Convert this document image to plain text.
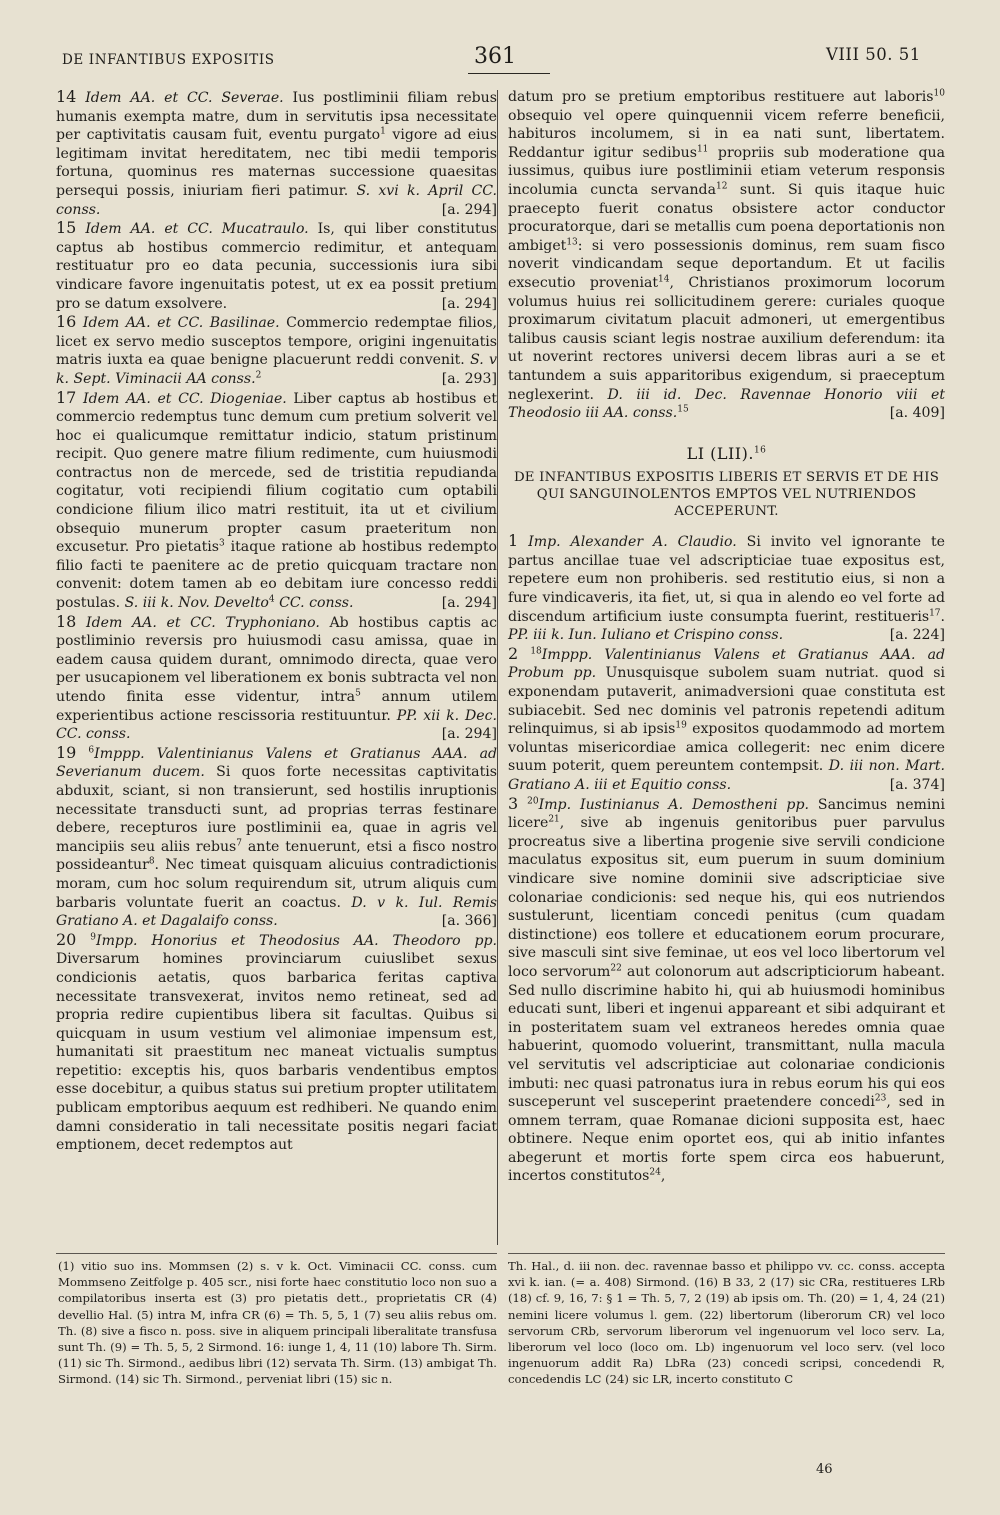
DE INFANTIBUS EXPOSITIS	361	VIII 50. 51

14 Idem AA. et CC. Severae. Ius postliminii filiam rebus humanis exempta matre, dum in servitutis ipsa necessitate per captivitatis causam fuit, eventu purgato$^1$ vigore ad eius legitimam invitat hereditatem, nec tibi medii temporis fortuna, quominus res maternas successione quaesitas persequi possis, iniuriam fieri patimur. S. xvi k. April CC. conss.	[a. 294]

15 Idem AA. et CC. Mucatraulo. Is, qui liber constitutus captus ab hostibus commercio redimitur, et antequam restituatur pro eo data pecunia, successionis iura sibi vindicare favore ingenuitatis potest, ut ex ea possit pretium pro se datum exsolvere.	[a. 294]

16 Idem AA. et CC. Basilinae. Commercio redemptae filios, licet ex servo medio susceptos tempore, origini ingenuitatis matris iuxta ea quae benigne placuerunt reddi convenit. S. v k. Sept. Viminacii AA conss.$^2$	[a. 293]

17 Idem AA. et CC. Diogeniae. Liber captus ab hostibus et commercio redemptus tunc demum cum pretium solverit vel hoc ei qualicumque remittatur indicio, statum pristinum recipit. Quo genere matre filium redimente, cum huiusmodi contractus non de mercede, sed de tristitia repudianda cogitatur, voti recipiendi filium cogitatio cum optabili condicione filium ilico matri restituit, ita ut et civilium obsequio munerum propter casum praeteritum non excusetur. Pro pietatis$^3$ itaque ratione ab hostibus redempto filio facti te paenitere ac de pretio quicquam tractare non convenit: dotem tamen ab eo debitam iure concesso reddi postulas. S. iii k. Nov. Develto$^4$ CC. conss.	[a. 294]

18 Idem AA. et CC. Tryphoniano. Ab hostibus captis ac postliminio reversis pro huiusmodi casu amissa, quae in eadem causa quidem durant, omnimodo directa, quae vero per usucapionem vel liberationem ex bonis subtracta vel non utendo finita esse videntur, intra$^5$ annum utilem experientibus actione rescissoria restituuntur. PP. xii k. Dec. CC. conss.	[a. 294]

19 $^6$Imppp. Valentinianus Valens et Gratianus AAA. ad Severianum ducem. Si quos forte necessitas captivitatis abduxit, sciant, si non transierunt, sed hostilis inruptionis necessitate transducti sunt, ad proprias terras festinare debere, recepturos iure postliminii ea, quae in agris vel mancipiis seu aliis rebus$^7$ ante tenuerunt, etsi a fisco nostro possideantur$^8$. Nec timeat quisquam alicuius contradictionis moram, cum hoc solum requirendum sit, utrum aliquis cum barbaris voluntate fuerit an coactus. D. v k. Iul. Remis Gratiano A. et Dagalaifo conss.	[a. 366]

20 $^9$Impp. Honorius et Theodosius AA. Theodoro pp. Diversarum homines provinciarum cuiuslibet sexus condicionis aetatis, quos barbarica feritas captiva necessitate transvexerat, invitos nemo retineat, sed ad propria redire cupientibus libera sit facultas. Quibus si quicquam in usum vestium vel alimoniae impensum est, humanitati sit praestitum nec maneat victualis sumptus repetitio: exceptis his, quos barbaris vendentibus emptos esse docebitur, a quibus status sui pretium propter utilitatem publicam emptoribus aequum est redhiberi. Ne quando enim damni consideratio in tali necessitate positis negari faciat emptionem, decet redemptos aut

datum pro se pretium emptoribus restituere aut laboris$^{10}$ obsequio vel opere quinquennii vicem referre beneficii, habituros incolumem, si in ea nati sunt, libertatem. Reddantur igitur sedibus$^{11}$ propriis sub moderatione qua iussimus, quibus iure postliminii etiam veterum responsis incolumia cuncta servanda$^{12}$ sunt. Si quis itaque huic praecepto fuerit conatus obsistere actor conductor procuratorque, dari se metallis cum poena deportationis non ambiget$^{13}$: si vero possessionis dominus, rem suam fisco noverit vindicandam seque deportandum. Et ut facilis exsecutio proveniat$^{14}$, Christianos proximorum locorum volumus huius rei sollicitudinem gerere: curiales quoque proximarum civitatum placuit admoneri, ut emergentibus talibus causis sciant legis nostrae auxilium deferendum: ita ut noverint rectores universi decem libras auri a se et tantundem a suis apparitoribus exigendum, si praeceptum neglexerint. D. iii id. Dec. Ravennae Honorio viii et Theodosio iii AA. conss.$^{15}$	[a. 409]

LI (LII).$^{16}$

DE INFANTIBUS EXPOSITIS LIBERIS ET SERVIS ET DE HIS QUI SANGUINOLENTOS EMPTOS VEL NUTRIENDOS ACCEPERUNT.

1 Imp. Alexander A. Claudio. Si invito vel ignorante te partus ancillae tuae vel adscripticiae tuae expositus est, repetere eum non prohiberis. sed restitutio eius, si non a fure vindicaveris, ita fiet, ut, si qua in alendo eo vel forte ad discendum artificium iuste consumpta fuerint, restitueris$^{17}$. PP. iii k. Iun. Iuliano et Crispino conss.	[a. 224]

2 $^{18}$Imppp. Valentinianus Valens et Gratianus AAA. ad Probum pp. Unusquisque subolem suam nutriat. quod si exponendam putaverit, animadversioni quae constituta est subiacebit. Sed nec dominis vel patronis repetendi aditum relinquimus, si ab ipsis$^{19}$ expositos quodammodo ad mortem voluntas misericordiae amica collegerit: nec enim dicere suum poterit, quem pereuntem contempsit. D. iii non. Mart. Gratiano A. iii et Equitio conss.	[a. 374]

3 $^{20}$Imp. Iustinianus A. Demostheni pp. Sancimus nemini licere$^{21}$, sive ab ingenuis genitoribus puer parvulus procreatus sive a libertina progenie sive servili condicione maculatus expositus sit, eum puerum in suum dominium vindicare sive nomine dominii sive adscripticiae sive colonariae condicionis: sed neque his, qui eos nutriendos sustulerunt, licentiam concedi penitus (cum quadam distinctione) eos tollere et educationem eorum procurare, sive masculi sint sive feminae, ut eos vel loco libertorum vel loco servorum$^{22}$ aut colonorum aut adscripticiorum habeant. Sed nullo discrimine habito hi, qui ab huiusmodi hominibus educati sunt, liberi et ingenui appareant et sibi adquirant et in posteritatem suam vel extraneos heredes omnia quae habuerint, quomodo voluerint, transmittant, nulla macula vel servitutis vel adscripticiae aut colonariae condicionis imbuti: nec quasi patronatus iura in rebus eorum his qui eos susceperunt vel susceperint praetendere concedi$^{23}$, sed in omnem terram, quae Romanae dicioni supposita est, haec obtinere. Neque enim oportet eos, qui ab initio infantes abegerunt et mortis forte spem circa eos habuerunt, incertos constitutos$^{24}$,

(1) vitio suo ins. Mommsen (2) s. v k. Oct. Viminacii CC. conss. cum Mommseno Zeitfolge p. 405 scr., nisi forte haec constitutio loco non suo a compilatoribus inserta est (3) pro pietatis dett., proprietatis CR (4) devellio Hal. (5) intra M, infra CR (6) = Th. 5, 5, 1 (7) seu aliis rebus om. Th. (8) sive a fisco n. poss. sive in aliquem principali liberalitate transfusa sunt Th. (9) = Th. 5, 5, 2 Sirmond. 16: iunge 1, 4, 11 (10) labore Th. Sirm. (11) sic Th. Sirmond., aedibus libri (12) servata Th. Sirm. (13) ambigat Th. Sirmond. (14) sic Th. Sirmond., perveniat libri (15) sic n.

Th. Hal., d. iii non. dec. ravennae basso et philippo vv. cc. conss. accepta xvi k. ian. (= a. 408) Sirmond. (16) B 33, 2 (17) sic CRa, restitueres LRb (18) cf. 9, 16, 7: § 1 = Th. 5, 7, 2 (19) ab ipsis om. Th. (20) = 1, 4, 24 (21) nemini licere volumus l. gem. (22) libertorum (liberorum CR) vel loco servorum CRb, servorum liberorum vel ingenuorum vel loco serv. La, liberorum vel loco (loco om. Lb) ingenuorum vel loco serv. (vel loco ingenuorum addit Ra) LbRa (23) concedi scripsi, concedendi R, concedendis LC (24) sic LR, incerto constituto C

46
